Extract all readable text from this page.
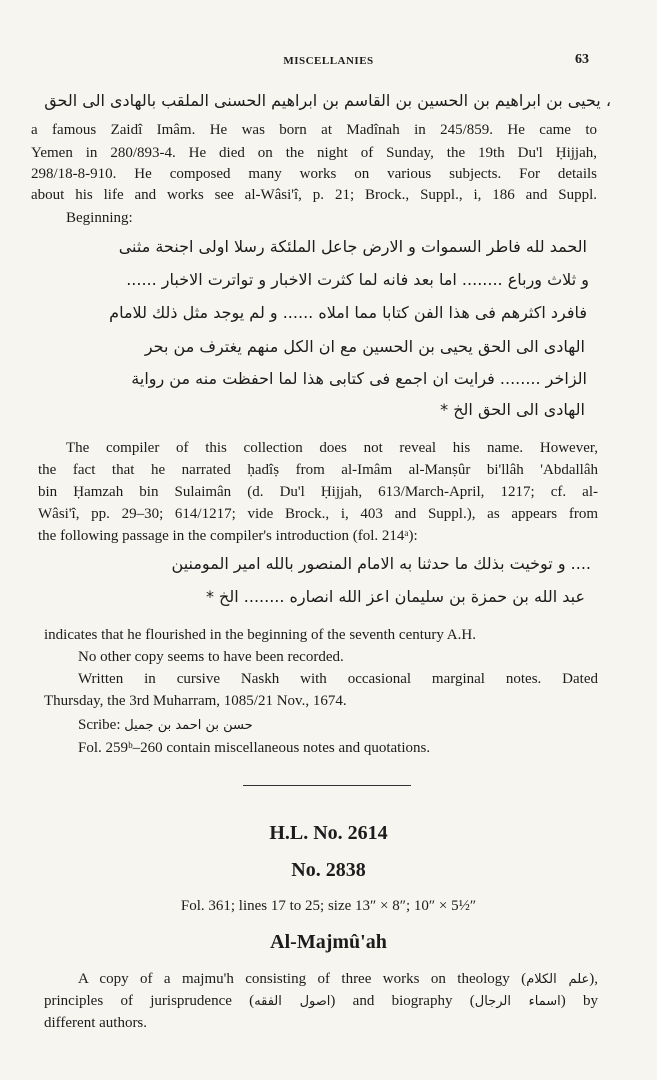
MISCELLANIES	63
، يحيى بن ابراهيم بن الحسين بن القاسم بن ابراهيم الحسنى الملقب بالهادى الى الحق
a famous Zaidî Imâm. He was born at Madînah in 245/859. He came to
Yemen in 280/893-4. He died on the night of Sunday, the 19th Du'l Ḥijjah,
298/18-8-910. He composed many works on various subjects. For details
about his life and works see al-Wâsi'î, p. 21; Brock., Suppl., i, 186 and Suppl.
Beginning:
الحمد لله فاطر السموات و الارض جاعل الملئكة رسلا اولى اجنحة مثنى
و ثلاث ورباع ........ اما بعد فانه لما كثرت الاخبار و تواترت الاخبار ......
فافرد اكثرهم فى هذا الفن كتابا مما املاه ...... و لم يوجد مثل ذلك للامام
الهادى الى الحق يحيى بن الحسين مع ان الكل منهم يغترف من بحر
الزاخر ........ فرايت ان اجمع فى كتابى هذا لما احفظت منه من رواية
الهادى الى الحق الخ *
The compiler of this collection does not reveal his name. However,
the fact that he narrated ḥadîṣ from al-Imâm al-Manṣûr bi'llâh 'Abdallâh
bin Ḥamzah bin Sulaimân (d. Du'l Ḥijjah, 613/March-April, 1217; cf. al-
Wâsi'î, pp. 29–30; 614/1217; vide Brock., i, 403 and Suppl.), as appears from
the following passage in the compiler's introduction (fol. 214ᵃ):
.... و توخيت بذلك ما حدثنا به الامام المنصور بالله امير المومنين
عبد الله بن حمزة بن سليمان اعز الله انصاره ........ الخ *
indicates that he flourished in the beginning of the seventh century A.H.
No other copy seems to have been recorded.
Written in cursive Naskh with occasional marginal notes. Dated
Thursday, the 3rd Muharram, 1085/21 Nov., 1674.
Scribe: حسن بن احمد بن جميل
Fol. 259ᵇ–260 contain miscellaneous notes and quotations.
H.L. No. 2614
No. 2838
Fol. 361; lines 17 to 25; size 13″ × 8″; 10″ × 5½″
Al-Majmû'ah
A copy of a majmu'h consisting of three works on theology (علم الكلام),
principles of jurisprudence (اصول الفقه) and biography (اسماء الرجال) by
different authors.
